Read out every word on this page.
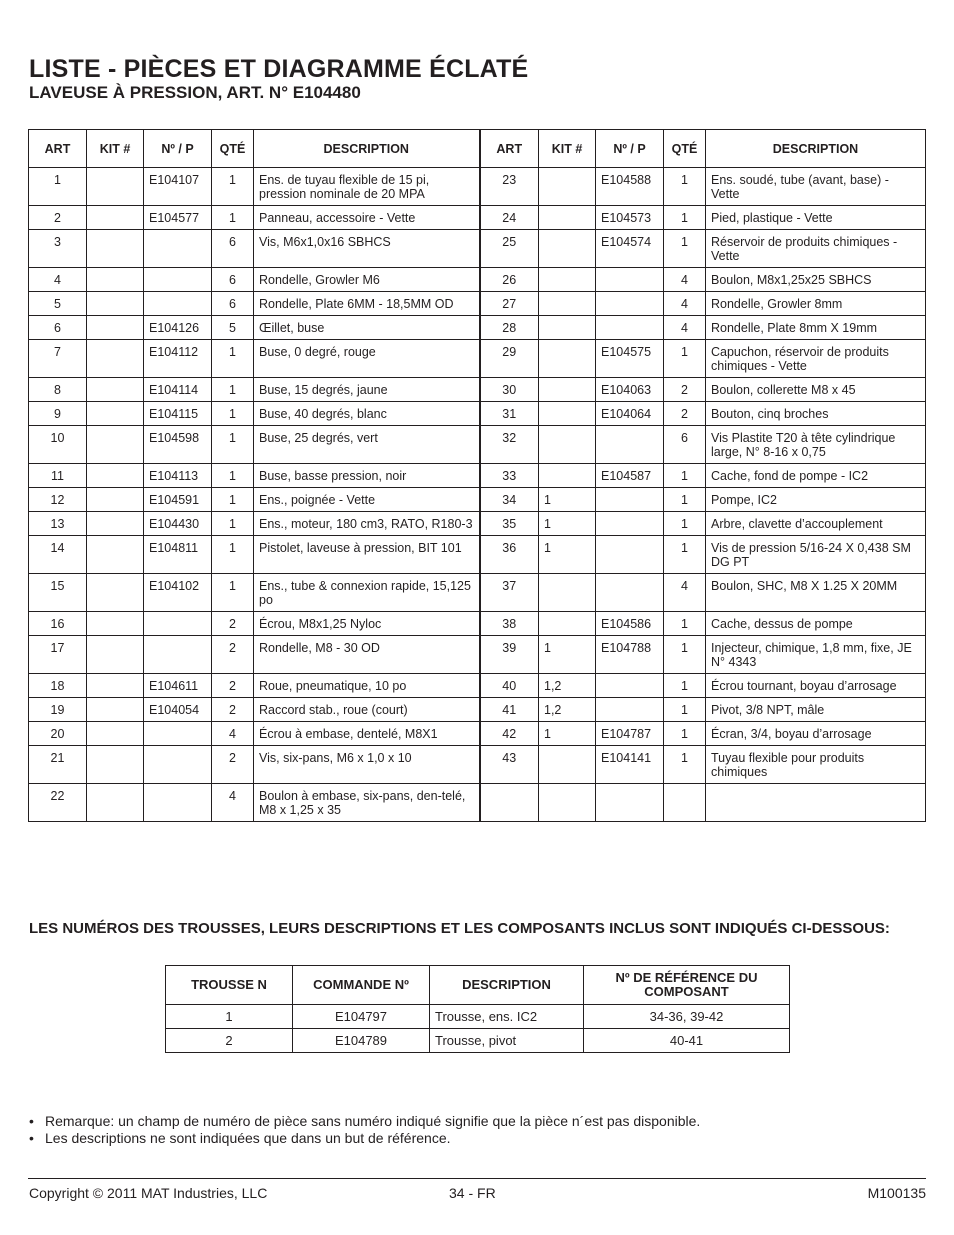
LISTE - PIÈCES ET DIAGRAMME ÉCLATÉ
LAVEUSE À PRESSION, ART. N° E104480
ART	KIT #	Nº / P	QTÉ	DESCRIPTION	ART	KIT #	Nº / P	QTÉ	DESCRIPTION
1		E104107	1	Ens. de tuyau flexible de 15 pi, pression nominale de 20 MPA	23		E104588	1	Ens. soudé, tube (avant, base) - Vette
2		E104577	1	Panneau, accessoire - Vette	24		E104573	1	Pied, plastique - Vette
3			6	Vis, M6x1,0x16 SBHCS	25		E104574	1	Réservoir de produits chimiques - Vette
4			6	Rondelle, Growler M6	26			4	Boulon, M8x1,25x25 SBHCS
5			6	Rondelle, Plate 6MM - 18,5MM OD	27			4	Rondelle, Growler 8mm
6		E104126	5	Œillet, buse	28			4	Rondelle, Plate 8mm X 19mm
7		E104112	1	Buse, 0 degré, rouge	29		E104575	1	Capuchon, réservoir de produits chimiques - Vette
8		E104114	1	Buse, 15 degrés, jaune	30		E104063	2	Boulon, collerette M8 x 45
9		E104115	1	Buse, 40 degrés, blanc	31		E104064	2	Bouton, cinq broches
10		E104598	1	Buse, 25 degrés, vert	32			6	Vis Plastite T20 à tête cylindrique large, N° 8-16 x 0,75
11		E104113	1	Buse, basse pression, noir	33		E104587	1	Cache, fond de pompe - IC2
12		E104591	1	Ens., poignée - Vette	34	1		1	Pompe, IC2
13		E104430	1	Ens., moteur, 180 cm3, RATO, R180-3	35	1		1	Arbre, clavette d’accouplement
14		E104811	1	Pistolet, laveuse à pression, BIT 101	36	1		1	Vis de pression 5/16-24 X 0,438 SM DG PT
15		E104102	1	Ens., tube & connexion rapide, 15,125 po	37			4	Boulon, SHC, M8 X 1.25 X 20MM
16			2	Écrou, M8x1,25 Nyloc	38		E104586	1	Cache, dessus de pompe
17			2	Rondelle, M8 - 30 OD	39	1	E104788	1	Injecteur, chimique, 1,8 mm, fixe, JE N° 4343
18		E104611	2	Roue, pneumatique, 10 po	40	1,2		1	Écrou tournant, boyau d’arrosage
19		E104054	2	Raccord stab., roue (court)	41	1,2		1	Pivot, 3/8 NPT, mâle
20			4	Écrou à embase, dentelé, M8X1	42	1	E104787	1	Écran, 3/4, boyau d’arrosage
21			2	Vis, six-pans, M6 x 1,0 x 10	43		E104141	1	Tuyau flexible pour produits chimiques
22			4	Boulon à embase, six-pans, den-telé, M8 x 1,25 x 35					
LES NUMÉROS DES TROUSSES, LEURS DESCRIPTIONS ET LES COMPOSANTS INCLUS SONT INDIQUÉS CI-DESSOUS:
TROUSSE N	COMMANDE Nº	DESCRIPTION	Nº DE RÉFÉRENCE DU COMPOSANT
1	E104797	Trousse, ens. IC2	34-36, 39-42
2	E104789	Trousse, pivot	40-41
• Remarque: un champ de numéro de pièce sans numéro indiqué signifie que la pièce n´est pas disponible.
• Les descriptions ne sont indiquées que dans un but de référence.
Copyright © 2011 MAT Industries, LLC	34 - FR	M100135
